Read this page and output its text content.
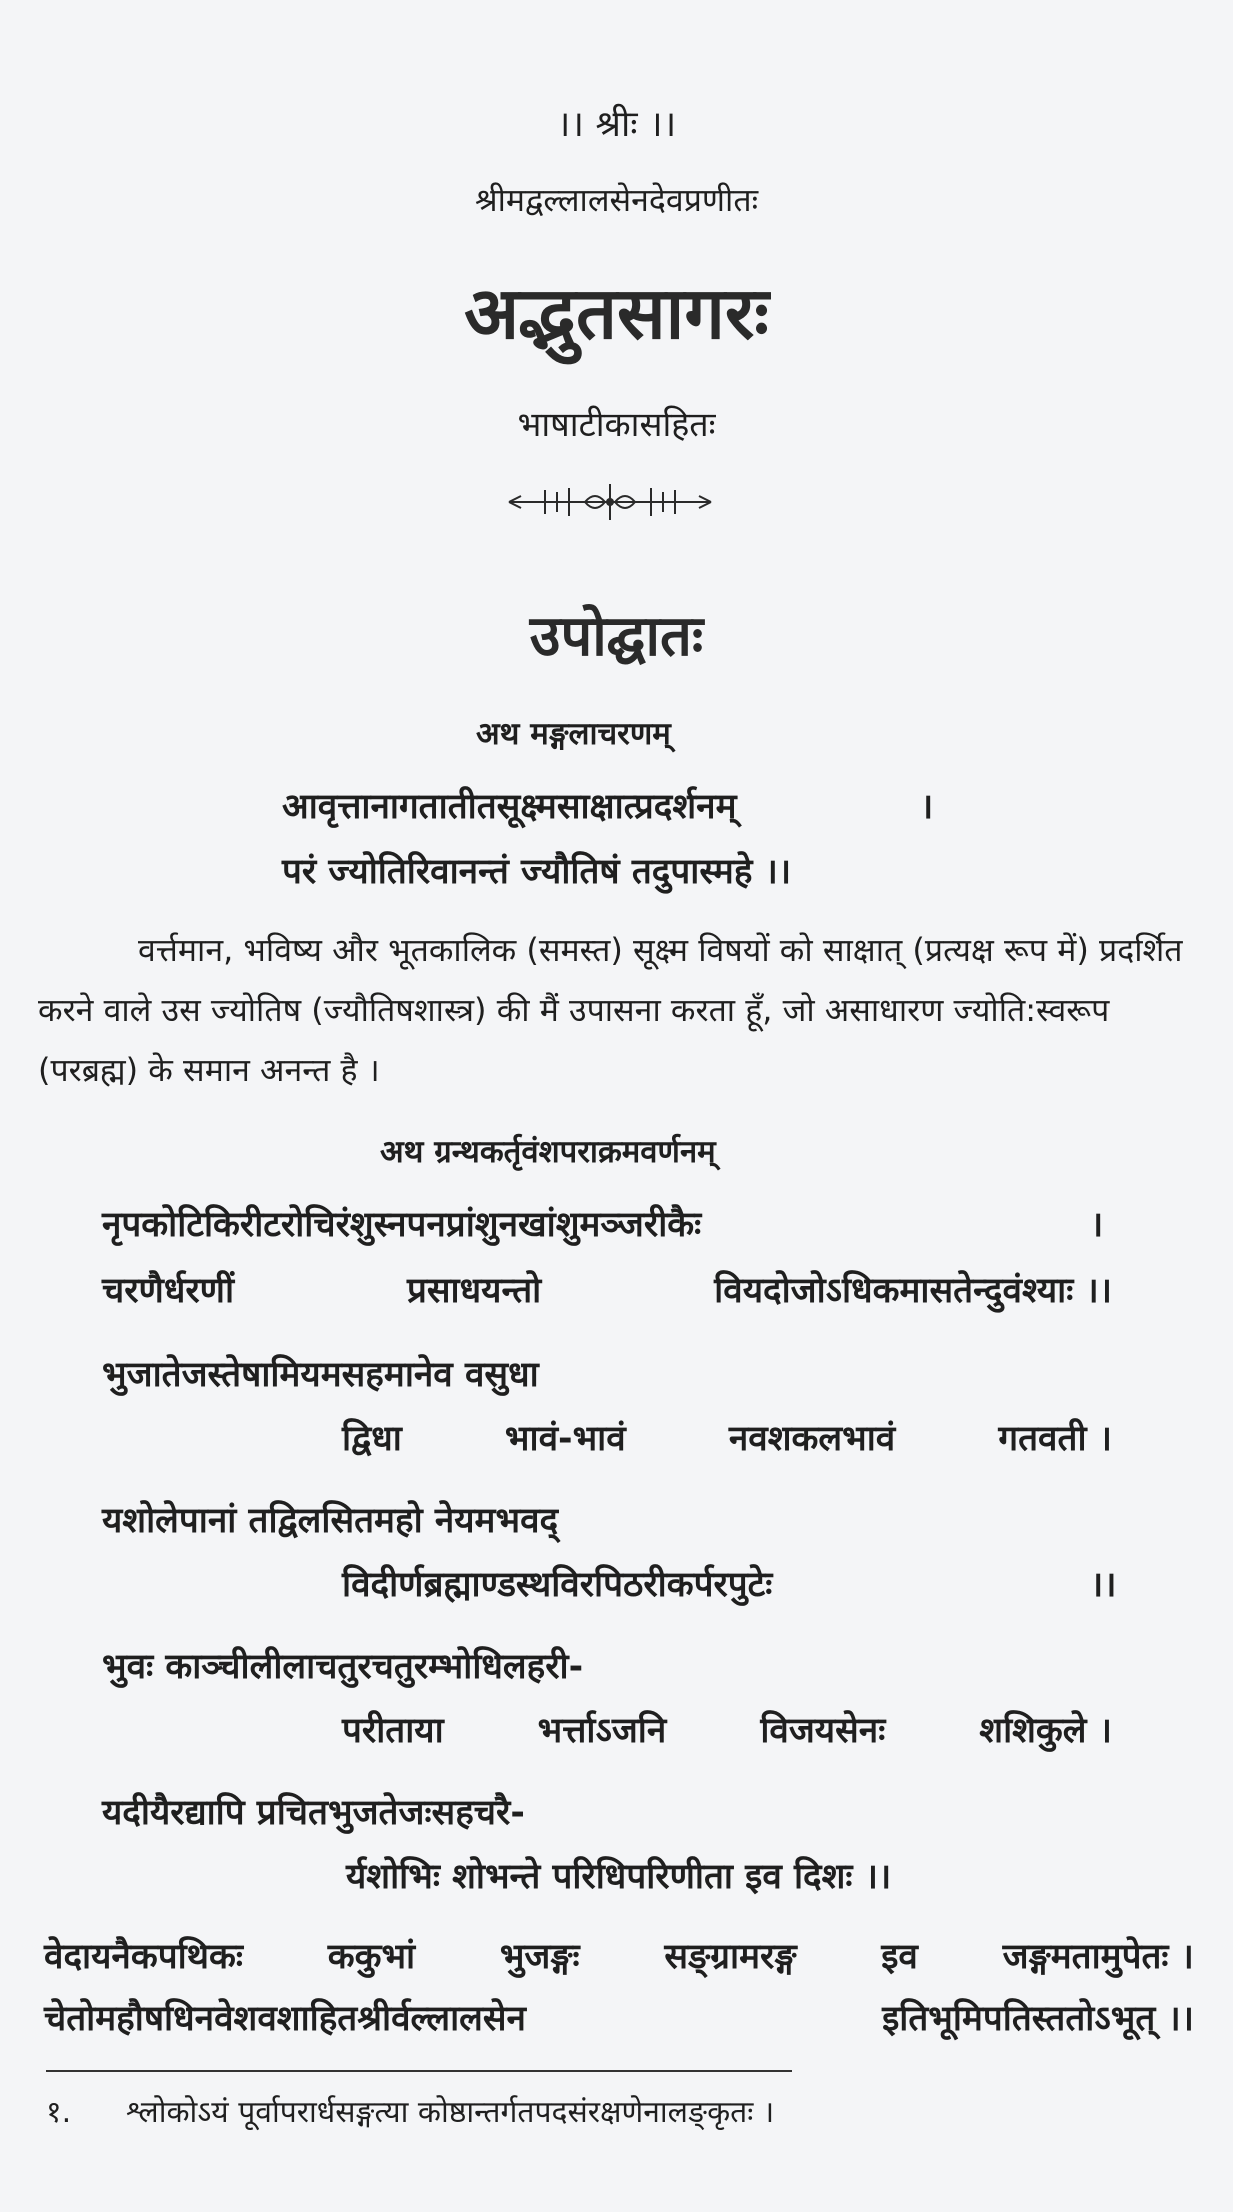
।। श्रीः ।।
श्रीमद्वल्लालसेनदेवप्रणीतः
अद्भुतसागरः
भाषाटीकासहितः
उपोद्घातः
अथ मङ्गलाचरणम्
आवृत्तानागतातीतसूक्ष्मसाक्षात्प्रदर्शनम्	।
परं ज्योतिरिवानन्तं ज्यौतिषं तदुपास्महे ।।
वर्त्तमान, भविष्य और भूतकालिक (समस्त) सूक्ष्म विषयों को साक्षात् (प्रत्यक्ष रूप में) प्रदर्शित करने वाले उस ज्योतिष (ज्यौतिषशास्त्र) की मैं उपासना करता हूँ, जो असाधारण ज्योति:स्वरूप (परब्रह्म) के समान अनन्त है ।
अथ ग्रन्थकर्तृवंशपराक्रमवर्णनम्
नृपकोटिकिरीटरोचिरंशुस्नपनप्रांशुनखांशुमञ्जरीकैः	।
चरणैर्धरणीं	प्रसाधयन्तो	वियदोजोऽधिकमासतेन्दुवंश्याः ।।
भुजातेजस्तेषामियमसहमानेव वसुधा
द्विधा	भावं-भावं	नवशकलभावं	गतवती ।
यशोलेपानां तद्विलसितमहो नेयमभवद्
विदीर्णब्रह्माण्डस्थविरपिठरीकर्परपुटेः	।।
भुवः काञ्चीलीलाचतुरचतुरम्भोधिलहरी-
परीताया	भर्त्ताऽजनि	विजयसेनः	शशिकुले ।
यदीयैरद्यापि प्रचितभुजतेजःसहचरै-
र्यशोभिः शोभन्ते परिधिपरिणीता इव दिशः ।।
वेदायनैकपथिकः ककुभां भुजङ्गः सङ्ग्रामरङ्ग इव जङ्गमतामुपेतः ।
चेतोमहौषधिनवेशवशाहितश्रीर्वल्लालसेन	इतिभूमिपतिस्ततोऽभूत् ।।
१. श्लोकोऽयं पूर्वापरार्धसङ्गत्या कोष्ठान्तर्गतपदसंरक्षणेनालङ्कृतः ।
